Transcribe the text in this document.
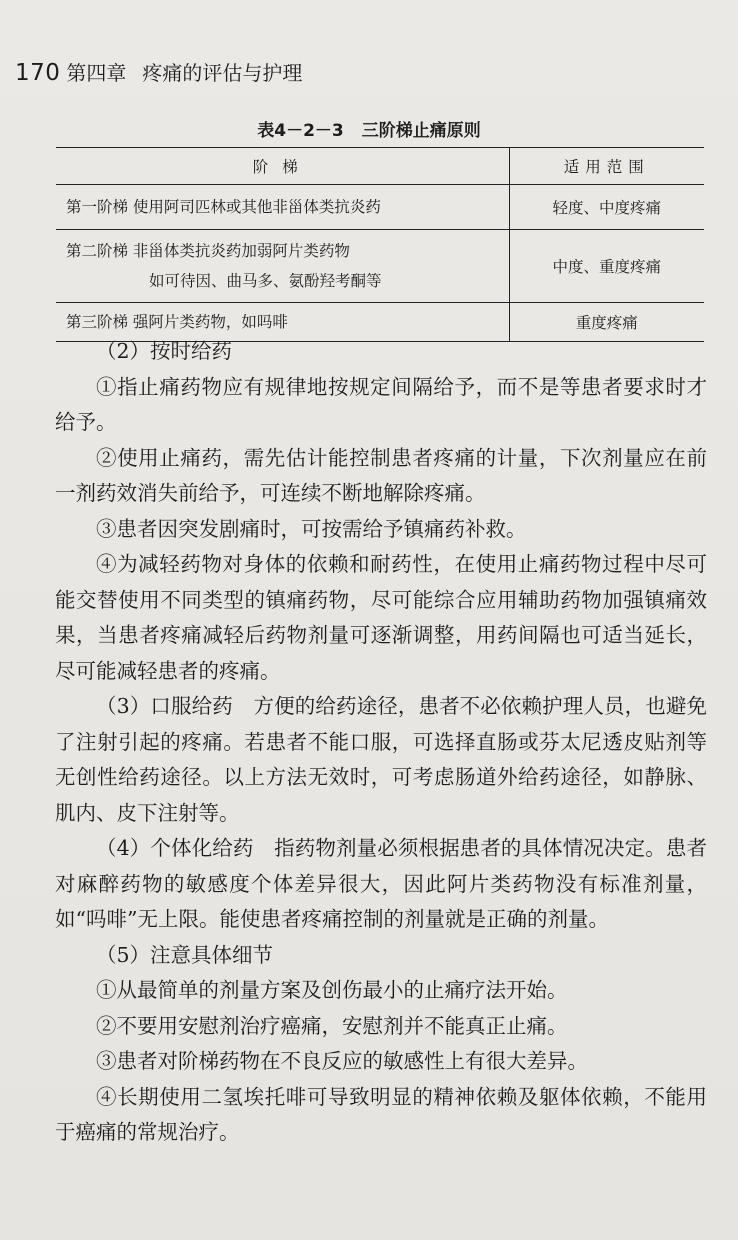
170 第四章 疼痛的评估与护理
表4－2－3 三阶梯止痛原则
阶梯	适用范围

第一阶梯 使用阿司匹林或其他非甾体类抗炎药	轻度、中度疼痛

第二阶梯 非甾体类抗炎药加弱阿片类药物
如可待因、曲马多、氨酚羟考酮等	中度、重度疼痛

第三阶梯 强阿片类药物，如吗啡	重度疼痛

（2）按时给药

①指止痛药物应有规律地按规定间隔给予，而不是等患者要求时才给予。

②使用止痛药，需先估计能控制患者疼痛的计量，下次剂量应在前一剂药效消失前给予，可连续不断地解除疼痛。

③患者因突发剧痛时，可按需给予镇痛药补救。

④为减轻药物对身体的依赖和耐药性，在使用止痛药物过程中尽可能交替使用不同类型的镇痛药物，尽可能综合应用辅助药物加强镇痛效果，当患者疼痛减轻后药物剂量可逐渐调整，用药间隔也可适当延长，尽可能减轻患者的疼痛。

（3）口服给药　方便的给药途径，患者不必依赖护理人员，也避免了注射引起的疼痛。若患者不能口服，可选择直肠或芬太尼透皮贴剂等无创性给药途径。以上方法无效时，可考虑肠道外给药途径，如静脉、肌内、皮下注射等。

（4）个体化给药　指药物剂量必须根据患者的具体情况决定。患者对麻醉药物的敏感度个体差异很大，因此阿片类药物没有标准剂量，如“吗啡”无上限。能使患者疼痛控制的剂量就是正确的剂量。

（5）注意具体细节

①从最简单的剂量方案及创伤最小的止痛疗法开始。

②不要用安慰剂治疗癌痛，安慰剂并不能真正止痛。

③患者对阶梯药物在不良反应的敏感性上有很大差异。

④长期使用二氢埃托啡可导致明显的精神依赖及躯体依赖，不能用于癌痛的常规治疗。
